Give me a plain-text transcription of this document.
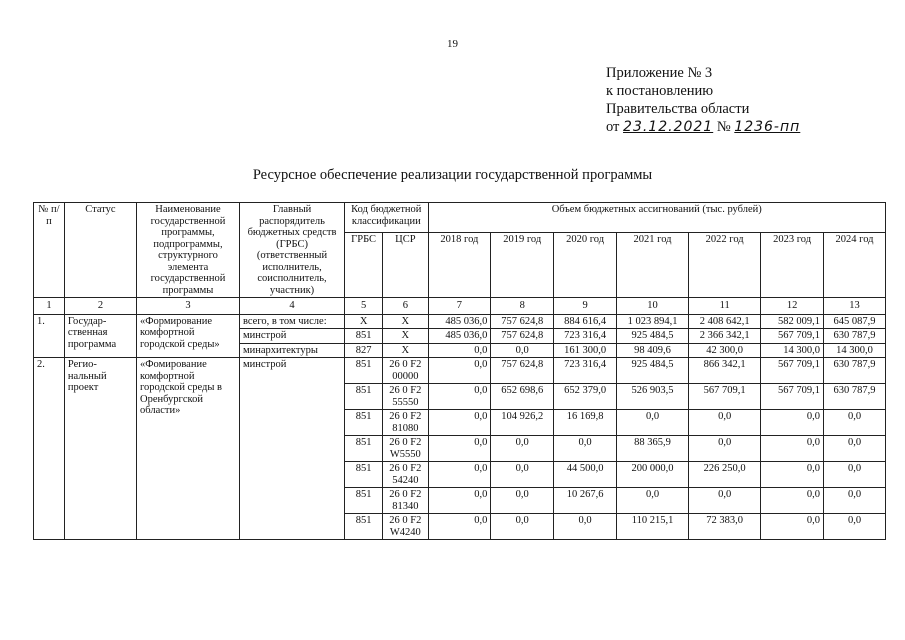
19
Приложение № 3
к постановлению
Правительства области
от 23.12.2021 № 1236-пп
Ресурсное обеспечение реализации государственной программы
№ п/п	Статус	Наименование государственной программы, подпрограммы, структурного элемента государственной программы	Главный распорядитель бюджетных средств (ГРБС) (ответственный исполнитель, соисполнитель, участник)	Код бюджетной классификации		Объем бюджетных ассигнований (тыс. рублей)						
				ГРБС	ЦСР	2018 год	2019 год	2020 год	2021 год	2022 год	2023 год	2024 год
1	2	3	4	5	6	7	8	9	10	11	12	13
1.	Государ-ственная программа	«Формирование комфортной городской среды»	всего, в том числе:	Х	Х	485 036,0	757 624,8	884 616,4	1 023 894,1	2 408 642,1	582 009,1	645 087,9
			минстрой	851	Х	485 036,0	757 624,8	723 316,4	925 484,5	2 366 342,1	567 709,1	630 787,9
			минархитектуры	827	Х	0,0	0,0	161 300,0	98 409,6	42 300,0	14 300,0	14 300,0
2.	Регио-нальный проект	«Фомирование комфортной городской среды в Оренбургской области»	минстрой	851	26 0 F2 00000	0,0	757 624,8	723 316,4	925 484,5	866 342,1	567 709,1	630 787,9
				851	26 0 F2 55550	0,0	652 698,6	652 379,0	526 903,5	567 709,1	567 709,1	630 787,9
				851	26 0 F2 81080	0,0	104 926,2	16 169,8	0,0	0,0	0,0	0,0
				851	26 0 F2 W5550	0,0	0,0	0,0	88 365,9	0,0	0,0	0,0
				851	26 0 F2 54240	0,0	0,0	44 500,0	200 000,0	226 250,0	0,0	0,0
				851	26 0 F2 81340	0,0	0,0	10 267,6	0,0	0,0	0,0	0,0
				851	26 0 F2 W4240	0,0	0,0	0,0	110 215,1	72 383,0	0,0	0,0
